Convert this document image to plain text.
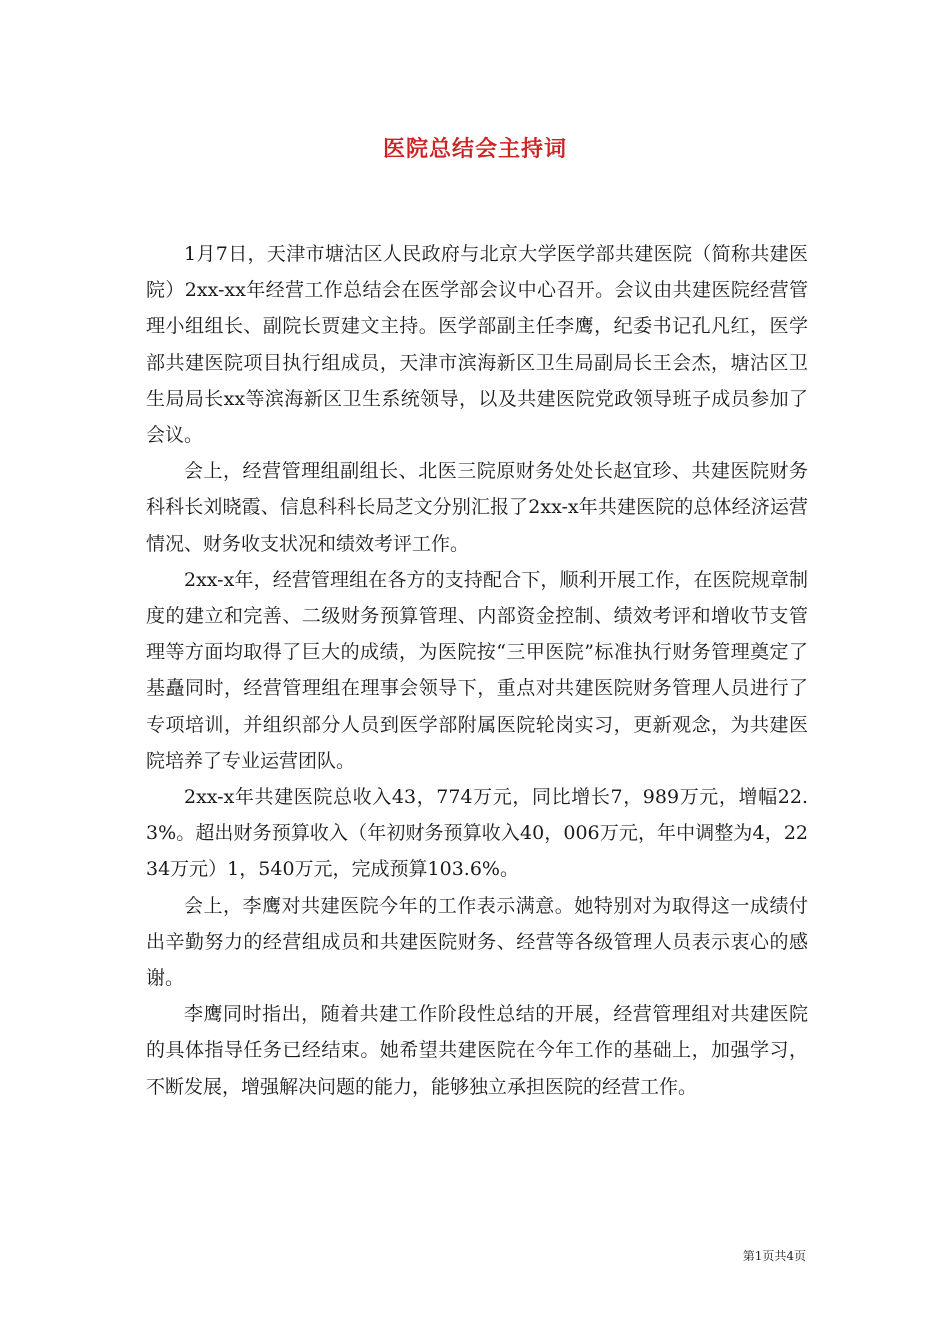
医院总结会主持词

1月7日，天津市塘沽区人民政府与北京大学医学部共建医院（简称共建医院）2xx-xx年经营工作总结会在医学部会议中心召开。会议由共建医院经营管理小组组长、副院长贾建文主持。医学部副主任李鹰，纪委书记孔凡红，医学部共建医院项目执行组成员，天津市滨海新区卫生局副局长王会杰，塘沽区卫生局局长xx等滨海新区卫生系统领导，以及共建医院党政领导班子成员参加了会议。

会上，经营管理组副组长、北医三院原财务处处长赵宜珍、共建医院财务科科长刘晓霞、信息科科长局芝文分别汇报了2xx-x年共建医院的总体经济运营情况、财务收支状况和绩效考评工作。

2xx-x年，经营管理组在各方的支持配合下，顺利开展工作，在医院规章制度的建立和完善、二级财务预算管理、内部资金控制、绩效考评和增收节支管理等方面均取得了巨大的成绩，为医院按“三甲医院”标准执行财务管理奠定了基矗同时，经营管理组在理事会领导下，重点对共建医院财务管理人员进行了专项培训，并组织部分人员到医学部附属医院轮岗实习，更新观念，为共建医院培养了专业运营团队。

2xx-x年共建医院总收入43，774万元，同比增长7，989万元，增幅22.3%。超出财务预算收入（年初财务预算收入40，006万元，年中调整为4，2234万元）1，540万元，完成预算103.6%。

会上，李鹰对共建医院今年的工作表示满意。她特别对为取得这一成绩付出辛勤努力的经营组成员和共建医院财务、经营等各级管理人员表示衷心的感谢。

李鹰同时指出，随着共建工作阶段性总结的开展，经营管理组对共建医院的具体指导任务已经结束。她希望共建医院在今年工作的基础上，加强学习，不断发展，增强解决问题的能力，能够独立承担医院的经营工作。

第1页共4页
